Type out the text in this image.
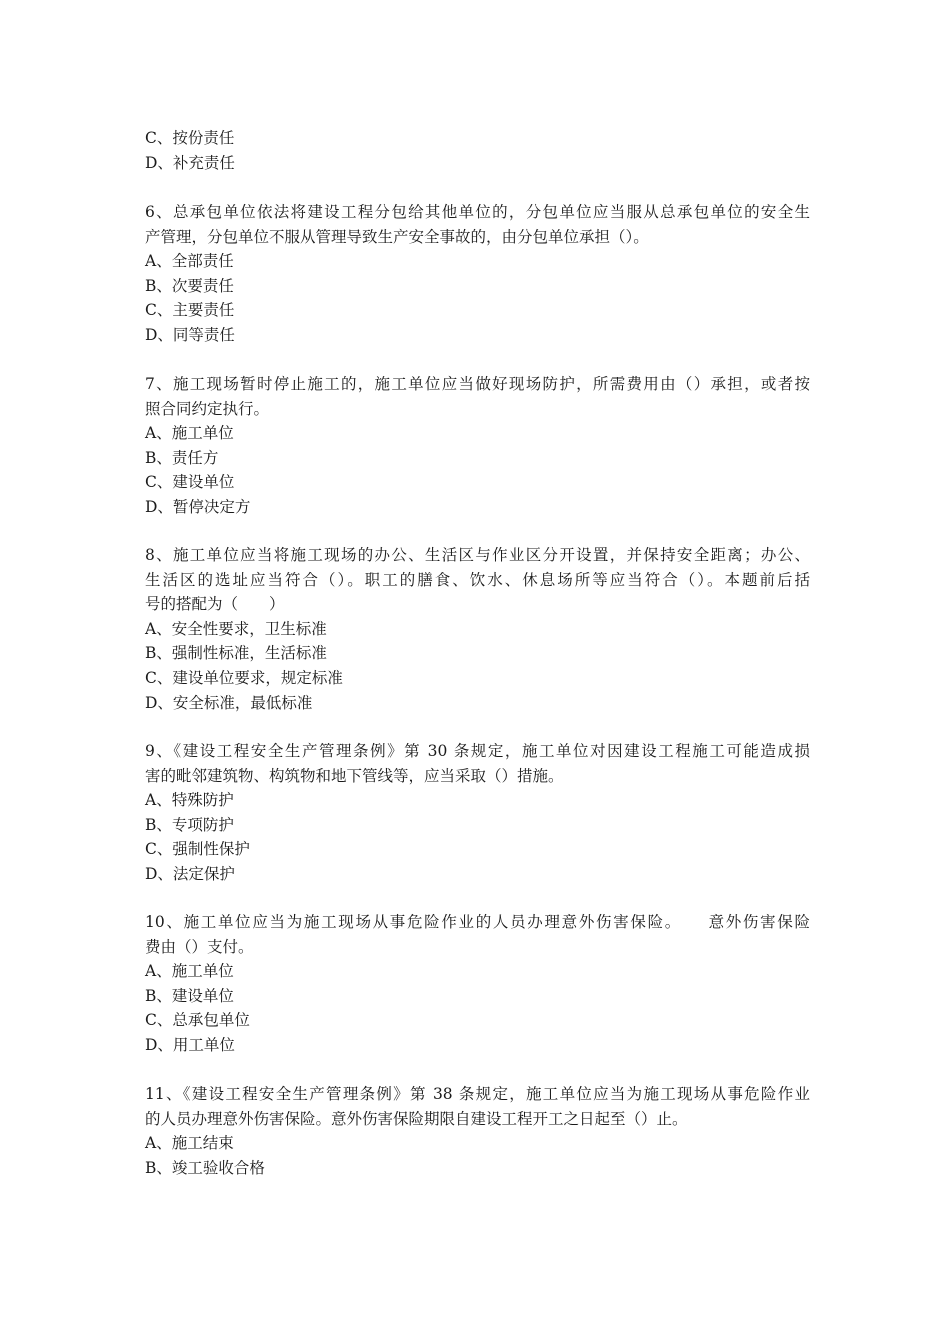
C、按份责任
D、补充责任
6、总承包单位依法将建设工程分包给其他单位的，分包单位应当服从总承包单位的安全生
产管理，分包单位不服从管理导致生产安全事故的，由分包单位承担（）。
A、全部责任
B、次要责任
C、主要责任
D、同等责任
7、施工现场暂时停止施工的，施工单位应当做好现场防护，所需费用由（）承担，或者按
照合同约定执行。
A、施工单位
B、责任方
C、建设单位
D、暂停决定方
8、施工单位应当将施工现场的办公、生活区与作业区分开设置，并保持安全距离；办公、
生活区的选址应当符合（）。职工的膳食、饮水、休息场所等应当符合（）。本题前后括
号的搭配为（　　）
A、安全性要求，卫生标准
B、强制性标准，生活标准
C、建设单位要求，规定标准
D、安全标准，最低标准
9、《建设工程安全生产管理条例》第 30 条规定，施工单位对因建设工程施工可能造成损
害的毗邻建筑物、构筑物和地下管线等，应当采取（）措施。
A、特殊防护
B、专项防护
C、强制性保护
D、法定保护
10、施工单位应当为施工现场从事危险作业的人员办理意外伤害保险。　　意外伤害保险
费由（）支付。
A、施工单位
B、建设单位
C、总承包单位
D、用工单位
11、《建设工程安全生产管理条例》第 38 条规定，施工单位应当为施工现场从事危险作业
的人员办理意外伤害保险。意外伤害保险期限自建设工程开工之日起至（）止。
A、施工结束
B、竣工验收合格
